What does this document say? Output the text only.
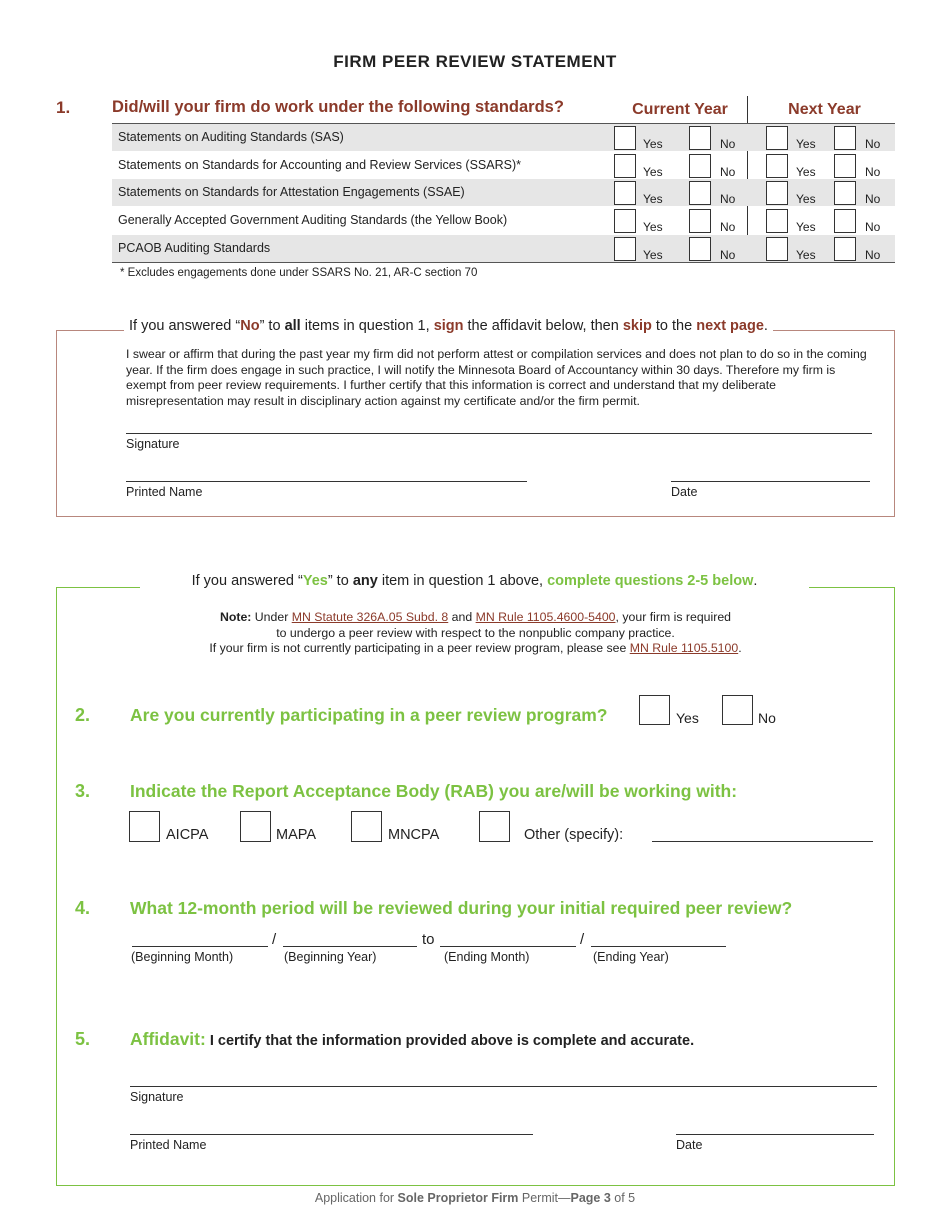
FIRM PEER REVIEW STATEMENT
1.	Did/will your firm do work under the following standards?	Current Year	Next Year
Statements on Auditing Standards (SAS)	Yes	No	Yes	No
Statements on Standards for Accounting and Review Services (SSARS)*	Yes	No	Yes	No
Statements on Standards for Attestation Engagements (SSAE)	Yes	No	Yes	No
Generally Accepted Government Auditing Standards (the Yellow Book)	Yes	No	Yes	No
PCAOB Auditing Standards	Yes	No	Yes	No
* Excludes engagements done under SSARS No. 21, AR-C section 70
If you answered “No” to all items in question 1, sign the affidavit below, then skip to the next page.
I swear or affirm that during the past year my firm did not perform attest or compilation services and does not plan to do so in the coming year. If the firm does engage in such practice, I will notify the Minnesota Board of Accountancy within 30 days. Therefore my firm is exempt from peer review requirements. I further certify that this information is correct and understand that my deliberate misrepresentation may result in disciplinary action against my certificate and/or the firm permit.
Signature
Printed Name	Date
If you answered “Yes” to any item in question 1 above, complete questions 2-5 below.
Note: Under MN Statute 326A.05 Subd. 8 and MN Rule 1105.4600-5400, your firm is required
to undergo a peer review with respect to the nonpublic company practice.
If your firm is not currently participating in a peer review program, please see MN Rule 1105.5100.
2. Are you currently participating in a peer review program?	Yes	No
3. Indicate the Report Acceptance Body (RAB) you are/will be working with:
AICPA	MAPA	MNCPA	Other (specify):
4. What 12-month period will be reviewed during your initial required peer review?
/	to	/
(Beginning Month)	(Beginning Year)	(Ending Month)	(Ending Year)
5. Affidavit: I certify that the information provided above is complete and accurate.
Signature
Printed Name	Date
Application for Sole Proprietor Firm Permit—Page 3 of 5
